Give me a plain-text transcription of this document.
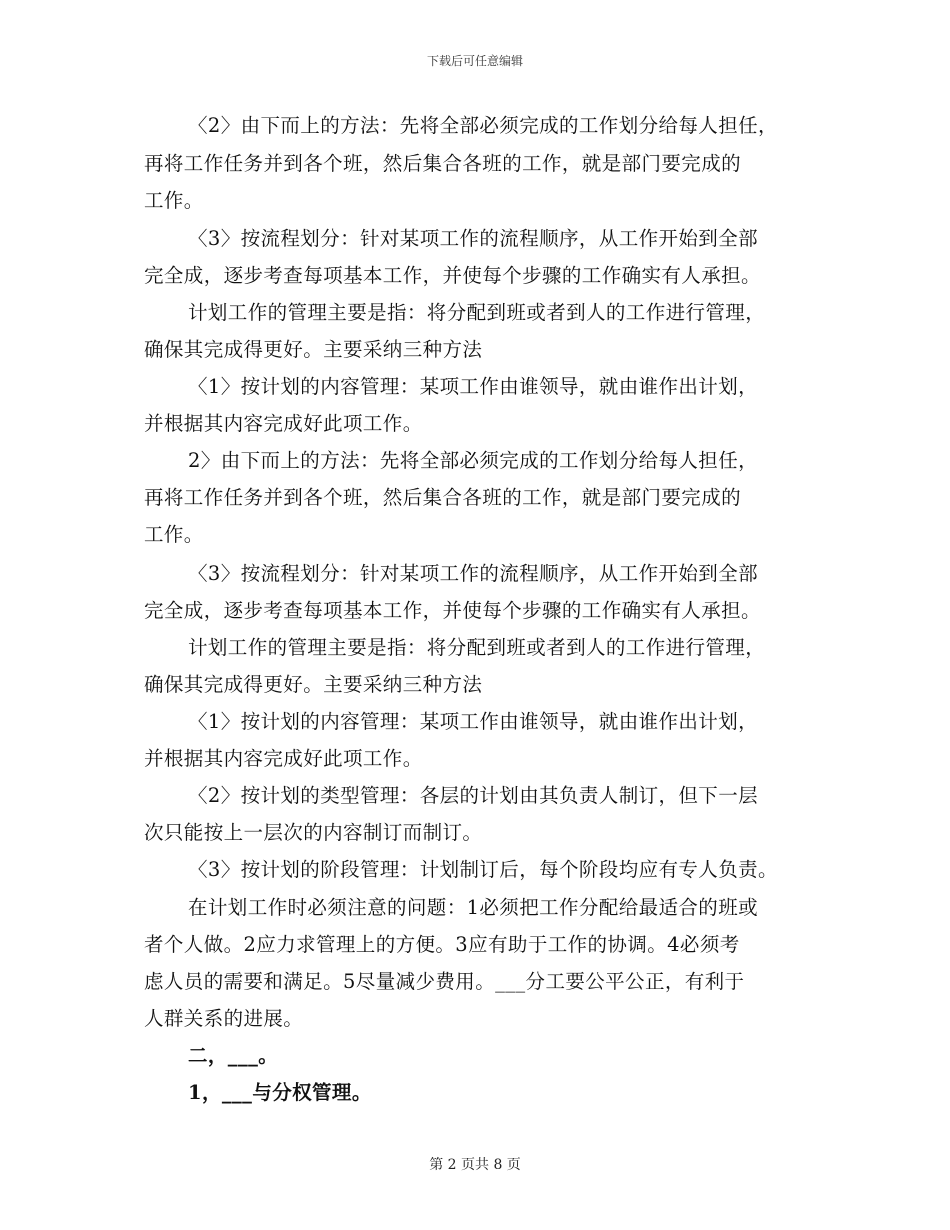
下载后可任意编辑
〈2〉由下而上的方法：先将全部必须完成的工作划分给每人担任，
再将工作任务并到各个班，然后集合各班的工作，就是部门要完成的
工作。
〈3〉按流程划分：针对某项工作的流程顺序，从工作开始到全部
完全成，逐步考查每项基本工作，并使每个步骤的工作确实有人承担。
计划工作的管理主要是指：将分配到班或者到人的工作进行管理，
确保其完成得更好。主要采纳三种方法
〈1〉按计划的内容管理：某项工作由谁领导，就由谁作出计划，
并根据其内容完成好此项工作。
2〉由下而上的方法：先将全部必须完成的工作划分给每人担任，
再将工作任务并到各个班，然后集合各班的工作，就是部门要完成的
工作。
〈3〉按流程划分：针对某项工作的流程顺序，从工作开始到全部
完全成，逐步考查每项基本工作，并使每个步骤的工作确实有人承担。
计划工作的管理主要是指：将分配到班或者到人的工作进行管理，
确保其完成得更好。主要采纳三种方法
〈1〉按计划的内容管理：某项工作由谁领导，就由谁作出计划，
并根据其内容完成好此项工作。
〈2〉按计划的类型管理：各层的计划由其负责人制订，但下一层
次只能按上一层次的内容制订而制订。
〈3〉按计划的阶段管理：计划制订后，每个阶段均应有专人负责。
在计划工作时必须注意的问题：1必须把工作分配给最适合的班或
者个人做。2应力求管理上的方便。3应有助于工作的协调。4必须考
虑人员的需要和满足。5尽量减少费用。___分工要公平公正，有利于
人群关系的进展。
二，___。
1，___与分权管理。
第 2 页共 8 页
